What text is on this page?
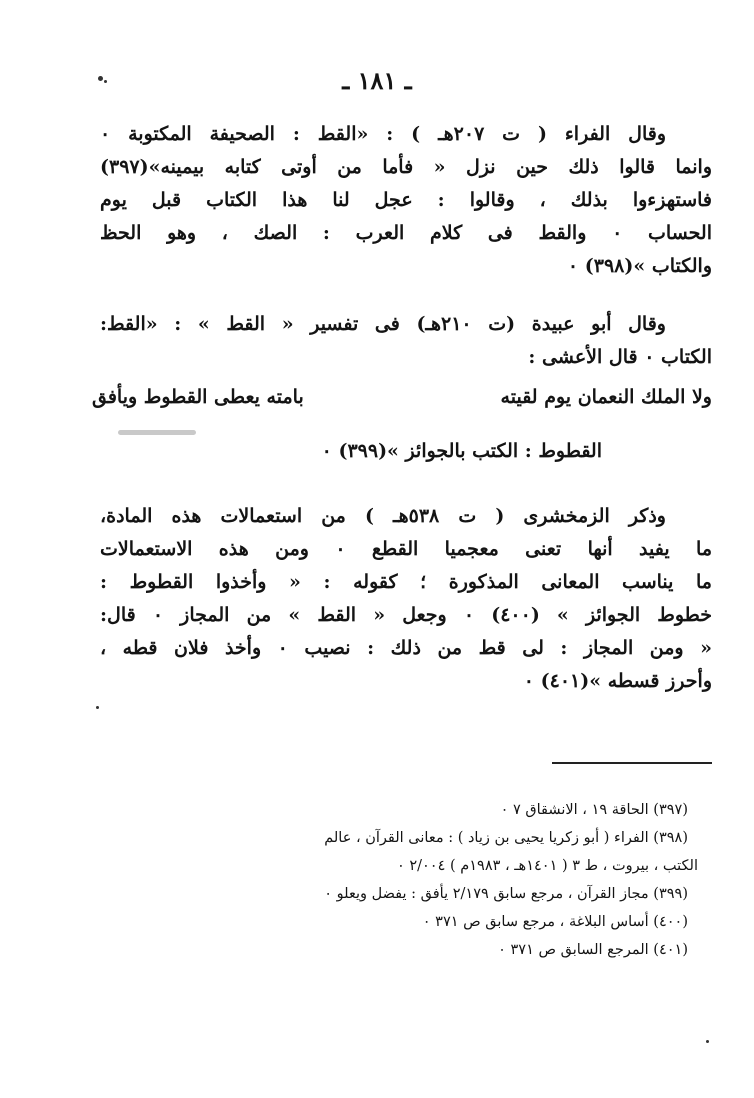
ـ ١٨١ ـ
وقال الفراء ( ت ٢٠٧هـ ) : «القط : الصحيفة المكتوبة ٠
وانما قالوا ذلك حين نزل « فأما من أوتى كتابه بيمينه»(٣٩٧)
فاستهزءوا بذلك ، وقالوا : عجل لنا هذا الكتاب قبل يوم
الحساب ٠ والقط فى كلام العرب : الصك ، وهو الحظ
والكتاب »(٣٩٨) ٠
وقال أبو عبيدة (ت ٢١٠هـ) فى تفسير « القط » : «القط:
الكتاب ٠ قال الأعشى :
ولا الملك النعمان يوم لقيته
بامته يعطى القطوط ويأفق
القطوط : الكتب بالجوائز »(٣٩٩) ٠
وذكر الزمخشرى ( ت ٥٣٨هـ ) من استعمالات هذه المادة،
ما يفيد أنها تعنى معجميا القطع ٠ ومن هذه الاستعمالات
ما يناسب المعانى المذكورة ؛ كقوله : « وأخذوا القطوط :
خطوط الجوائز » (٤٠٠) ٠ وجعل « القط » من المجاز ٠ قال:
« ومن المجاز : لى قط من ذلك : نصيب ٠ وأخذ فلان قطه ،
وأحرز قسطه »(٤٠١) ٠
(٣٩٧) الحاقة ١٩ ، الانشقاق ٧ ٠
(٣٩٨) الفراء ( أبو زكريا يحيى بن زياد ) : معانى القرآن ، عالم
الكتب ، بيروت ، ط ٣ ( ١٤٠١هـ ، ١٩٨٣م ) ٢/٠٠٤ ٠
(٣٩٩) مجاز القرآن ، مرجع سابق ٢/١٧٩ يأفق : يفضل ويعلو ٠
(٤٠٠) أساس البلاغة ، مرجع سابق ص ٣٧١ ٠
(٤٠١) المرجع السابق ص ٣٧١ ٠
